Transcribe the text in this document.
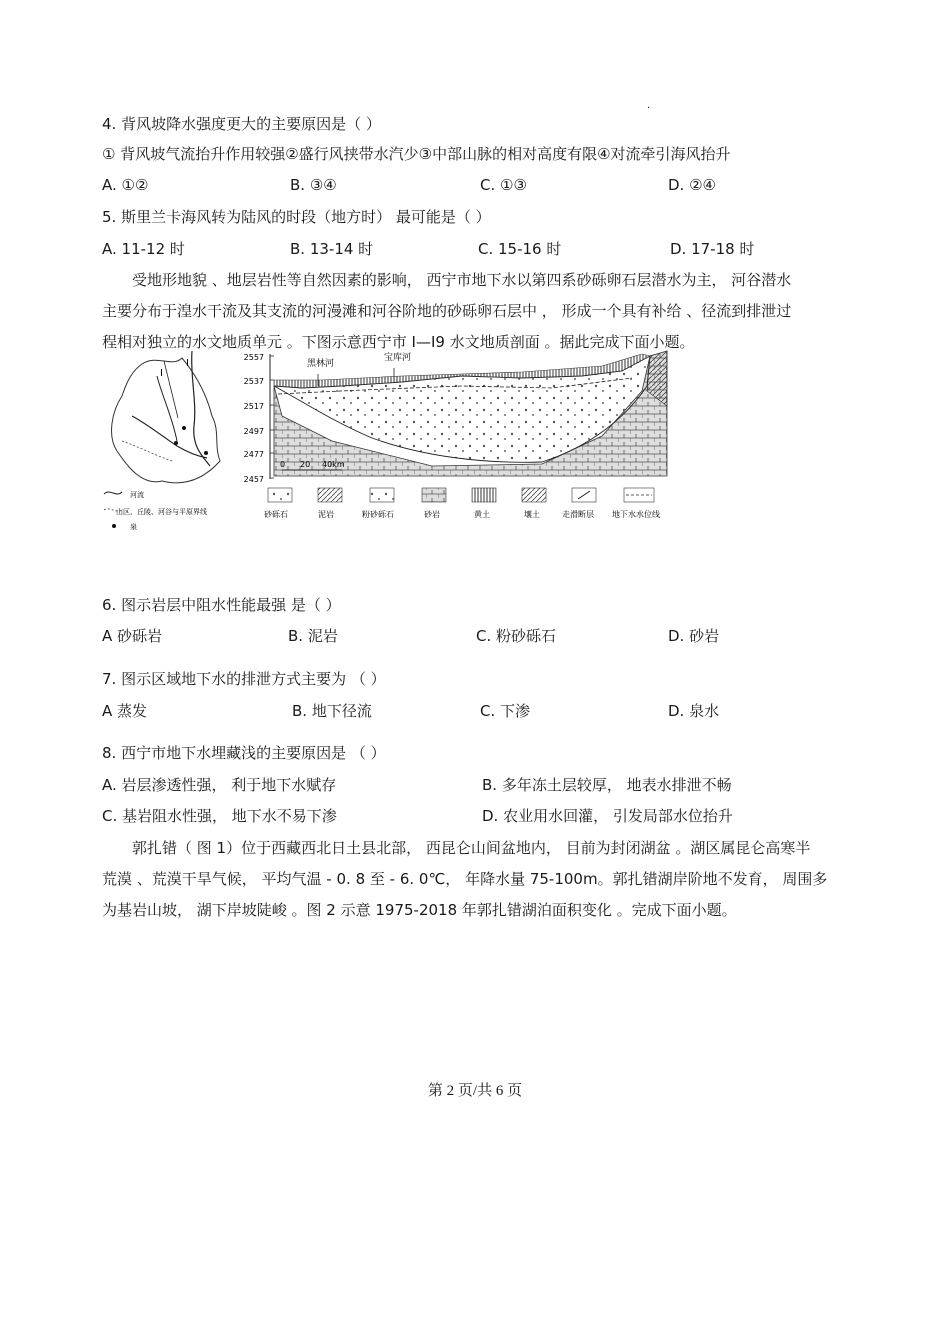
.
4. 背风坡降水强度更大的主要原因是（ ）
① 背风坡气流抬升作用较强②盛行风挟带水汽少③中部山脉的相对高度有限④对流牵引海风抬升
A. ①②	B. ③④	C. ①③	D. ②④
5. 斯里兰卡海风转为陆风的时段（地方时） 最可能是（ ）
A. 11-12 时	B. 13-14 时	C. 15-16 时	D. 17-18 时
受地形地貌 、地层岩性等自然因素的影响， 西宁市地下水以第四系砂砾卵石层潜水为主， 河谷潜水
主要分布于湟水干流及其支流的河漫滩和河谷阶地的砂砾卵石层中 ， 形成一个具有补给 、径流到排泄过
程相对独立的水文地质单元 。下图示意西宁市 I—I9 水文地质剖面 。据此完成下面小题。
I
I
河流
山区、丘陵、河谷与平原界线
泉
2557
2537
2517
2497
2477
2457
黑林河
宝库河
0 20 40km
砂砾石	泥岩	粉砂砾石	砂岩	黄土	壤土	走滑断层 地下水水位线
6. 图示岩层中阻水性能最强 是（ ）
A 砂砾岩	B. 泥岩	C. 粉砂砾石	D. 砂岩
7. 图示区域地下水的排泄方式主要为 （ ）
A 蒸发	B. 地下径流	C. 下渗	D. 泉水
8. 西宁市地下水埋藏浅的主要原因是 （ ）
A. 岩层渗透性强， 利于地下水赋存	B. 多年冻土层较厚， 地表水排泄不畅
C. 基岩阻水性强， 地下水不易下渗	D. 农业用水回灌， 引发局部水位抬升
郭扎错（ 图 1）位于西藏西北日土县北部， 西昆仑山间盆地内， 目前为封闭湖盆 。湖区属昆仑高寒半
荒漠 、荒漠干旱气候， 平均气温 - 0. 8 至 - 6. 0℃， 年降水量 75-100m。郭扎错湖岸阶地不发育， 周围多
为基岩山坡， 湖下岸坡陡峻 。图 2 示意 1975-2018 年郭扎错湖泊面积变化 。完成下面小题。
第 2 页/共 6 页
